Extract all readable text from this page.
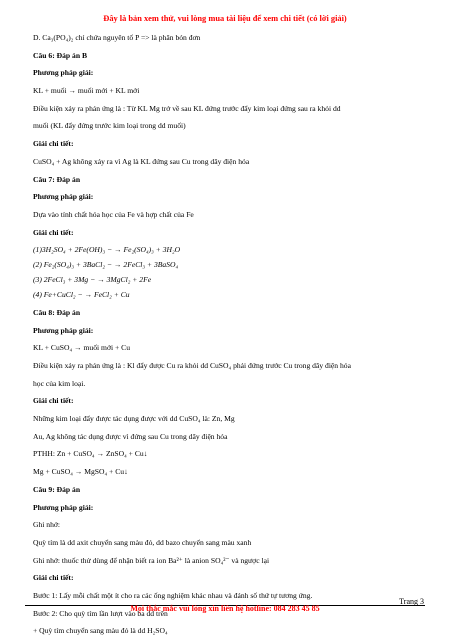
Đây là bản xem thử, vui lòng mua tài liệu để xem chi tiết (có lời giải)
D. Ca₃(PO₄)₂ chỉ chứa nguyên tố P => là phân bón đơn
Câu 6: Đáp án B
Phương pháp giải:
KL + muối → muối mới + KL mới
Điều kiện xảy ra phản ứng là : Từ KL Mg trở về sau KL đứng trước đẩy kim loại đứng sau ra khỏi dd
muối (KL đẩy đứng trước kim loại trong dd muối)
Giải chi tiết:
CuSO₄ + Ag không xảy ra vì Ag là KL đứng sau Cu trong dãy điện hóa
Câu 7: Đáp án
Phương pháp giải:
Dựa vào tính chất hóa học của Fe và hợp chất của Fe
Giải chi tiết:
(1)3H₂SO₄ + 2Fe(OH)₃ − → Fe₂(SO₄)₃ + 3H₂O
(2) Fe₂(SO₄)₃ + 3BaCl₂ − → 2FeCl₃ + 3BaSO₄
(3) 2FeCl₃ + 3Mg − → 3MgCl₂ + 2Fe
(4) Fe+CuCl₂ − → FeCl₂ + Cu
Câu 8: Đáp án
Phương pháp giải:
KL + CuSO₄ → muối mới + Cu
Điều kiện xảy ra phản ứng là : Kl đẩy được Cu ra khỏi dd CuSO₄ phải đứng trước Cu trong dãy điện hóa
học của kim loại.
Giải chi tiết:
Những kim loại đẩy được tác dụng được với dd CuSO₄ là: Zn, Mg
Au, Ag không tác dụng được vì đứng sau Cu trong dãy điện hóa
PTHH: Zn + CuSO₄ → ZnSO₄ + Cu↓
Mg + CuSO₄ → MgSO₄ + Cu↓
Câu 9: Đáp án
Phương pháp giải:
Ghi nhớ:
Quỳ tím là dd axit chuyển sang màu đỏ, dd bazo chuyển sang màu xanh
Ghi nhớ: thuốc thử dùng để nhận biết ra ion Ba²⁺ là anion SO₄²⁻ và ngược lại
Giải chi tiết:
Bước 1: Lấy mỗi chất một ít cho ra các ống nghiệm khác nhau và đánh số thứ tự tương ứng.
Bước 2: Cho quỳ tím lần lượt vào ba dd trên
+ Quỳ tím chuyển sang màu đỏ là dd H₂SO₄
Trang 3
Mọi thắc mắc vui lòng xin liên hệ hotline: 084 283 45 85
